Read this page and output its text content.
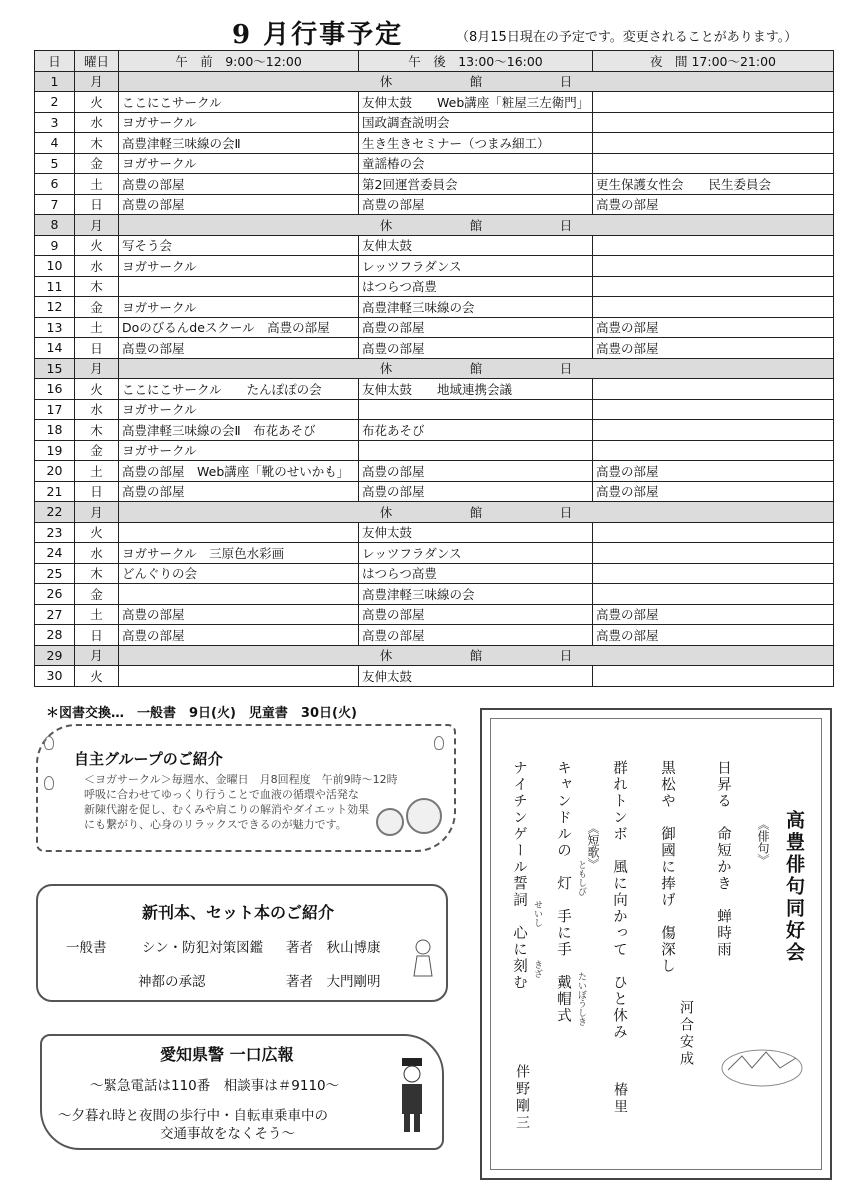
9 月行事予定	（8月15日現在の予定です。変更されることがあります。）
日	曜日	午　前　9:00〜12:00	午　後　13:00〜16:00	夜　間 17:00〜21:00
1	月	休 館 日		
2	火	ここにこサークル	友伸太鼓　　Web講座「粧屋三左衛門」	
3	水	ヨガサークル	国政調査説明会	
4	木	高豊津軽三味線の会Ⅱ	生き生きセミナー（つまみ細工）	
5	金	ヨガサークル	童謡椿の会	
6	土	高豊の部屋	第2回運営委員会	更生保護女性会　　民生委員会
7	日	高豊の部屋	高豊の部屋	高豊の部屋
8	月	休 館 日		
9	火	写そう会	友伸太鼓	
10	水	ヨガサークル	レッツフラダンス	
11	木		はつらつ高豊	
12	金	ヨガサークル	高豊津軽三味線の会	
13	土	Doのびるんdeスクール　高豊の部屋	高豊の部屋	高豊の部屋
14	日	高豊の部屋	高豊の部屋	高豊の部屋
15	月	休 館 日		
16	火	ここにこサークル　　たんぽぽの会	友伸太鼓　　地域連携会議	
17	水	ヨガサークル		
18	木	高豊津軽三味線の会Ⅱ　布花あそび	布花あそび	
19	金	ヨガサークル		
20	土	高豊の部屋　Web講座「靴のせいかも」	高豊の部屋	高豊の部屋
21	日	高豊の部屋	高豊の部屋	高豊の部屋
22	月	休 館 日		
23	火		友伸太鼓	
24	水	ヨガサークル　三原色水彩画	レッツフラダンス	
25	木	どんぐりの会	はつらつ高豊	
26	金		高豊津軽三味線の会	
27	土	高豊の部屋	高豊の部屋	高豊の部屋
28	日	高豊の部屋	高豊の部屋	高豊の部屋
29	月	休 館 日		
30	火		友伸太鼓	
＊図書交換…　一般書　9日(火)　児童書　30日(火)
自主グループのご紹介
＜ヨガサークル＞毎週水、金曜日　月8回程度　午前9時〜12時
呼吸に合わせてゆっくり行うことで血液の循環や活発な
新陳代謝を促し、むくみや肩こりの解消やダイエット効果
にも繋がり、心身のリラックスできるのが魅力です。
新刊本、セット本のご紹介
一般書	シン・防犯対策図鑑 著者　秋山博康
神都の承認	著者　大門剛明
愛知県警 一口広報
〜緊急電話は110番　相談事は＃9110〜
〜夕暮れ時と夜間の歩行中・自転車乗車中の
交通事故をなくそう〜
高豊俳句同好会
《俳句》
日昇る　命短かき　蝉時雨
黒松や　御國に捧げ　傷深し
河合安成
群れトンボ　風に向かって　ひと休み
椿里
《短歌》
キャンドルの　灯　手に手　戴帽式
ナイチンゲール誓詞　心に刻む	ともしび
たいぼうしき
せいし
きざ
伴野剛三
